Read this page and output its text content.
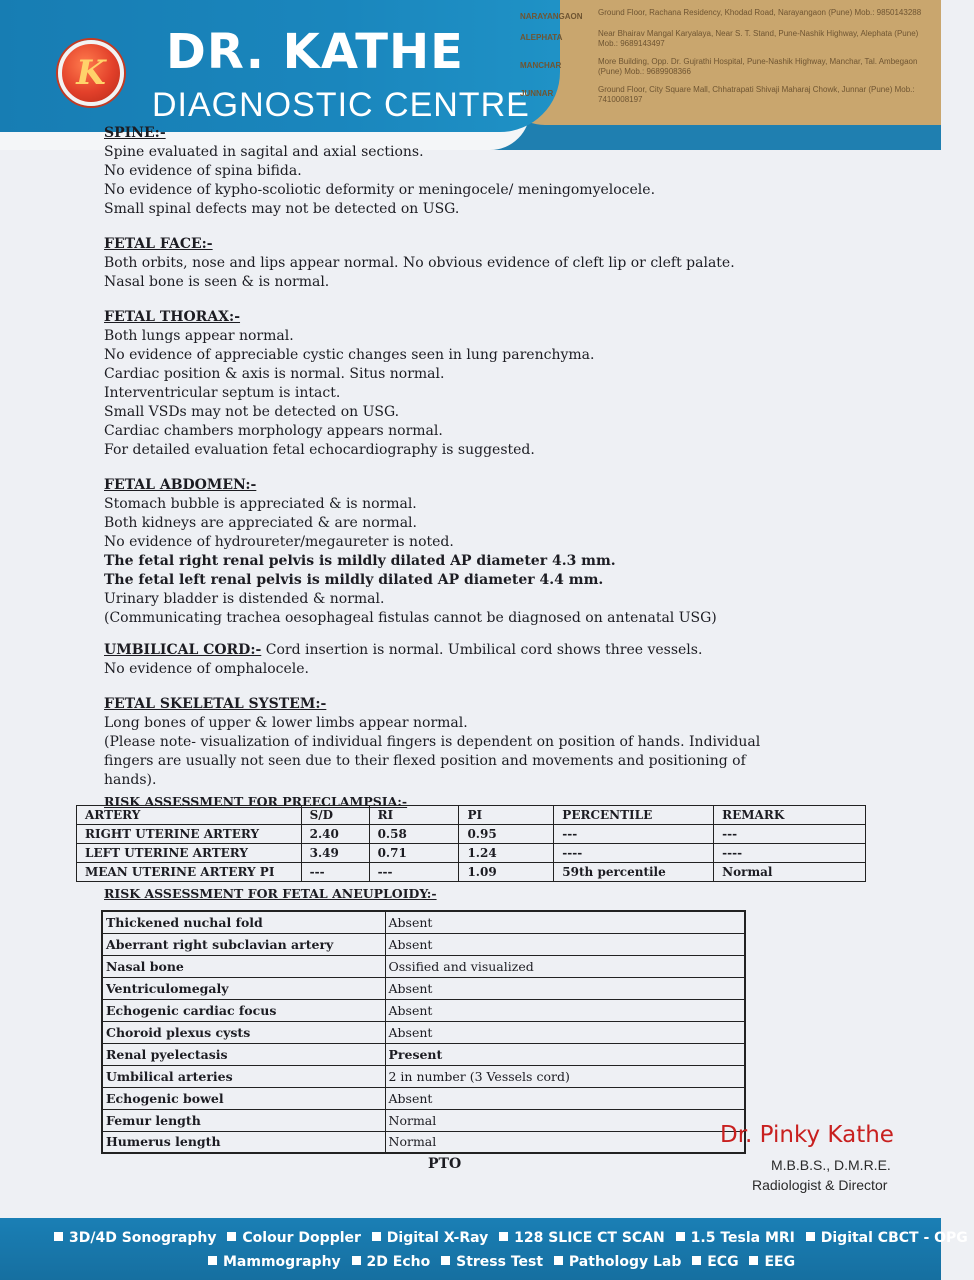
K DR. KATHE
DIAGNOSTIC CENTRE
NARAYANGAON	Ground Floor, Rachana Residency, Khodad Road, Narayangaon (Pune) Mob.: 9850143288
ALEPHATA	Near Bhairav Mangal Karyalaya, Near S. T. Stand, Pune-Nashik Highway, Alephata (Pune) Mob.: 9689143497
MANCHAR	More Building, Opp. Dr. Gujrathi Hospital, Pune-Nashik Highway, Manchar, Tal. Ambegaon (Pune) Mob.: 9689908366
JUNNAR	Ground Floor, City Square Mall, Chhatrapati Shivaji Maharaj Chowk, Junnar (Pune) Mob.: 7410008197
SPINE:-
Spine evaluated in sagital and axial sections.
No evidence of spina bifida.
No evidence of kypho-scoliotic deformity or meningocele/ meningomyelocele.
Small spinal defects may not be detected on USG.
FETAL FACE:-
Both orbits, nose and lips appear normal. No obvious evidence of cleft lip or cleft palate.
Nasal bone is seen & is normal.
FETAL THORAX:-
Both lungs appear normal.
No evidence of appreciable cystic changes seen in lung parenchyma.
Cardiac position & axis is normal. Situs normal.
Interventricular septum is intact.
Small VSDs may not be detected on USG.
Cardiac chambers morphology appears normal.
For detailed evaluation fetal echocardiography is suggested.
FETAL ABDOMEN:-
Stomach bubble is appreciated & is normal.
Both kidneys are appreciated & are normal.
No evidence of hydroureter/megaureter is noted.
The fetal right renal pelvis is mildly dilated AP diameter 4.3 mm.
The fetal left renal pelvis is mildly dilated AP diameter 4.4 mm.
Urinary bladder is distended & normal.
(Communicating trachea oesophageal fistulas cannot be diagnosed on antenatal USG)
UMBILICAL CORD:- Cord insertion is normal. Umbilical cord shows three vessels.
No evidence of omphalocele.
FETAL SKELETAL SYSTEM:-
Long bones of upper & lower limbs appear normal.
(Please note- visualization of individual fingers is dependent on position of hands. Individual fingers are usually not seen due to their flexed position and movements and positioning of hands).
RISK ASSESSMENT FOR PREECLAMPSIA:-
ARTERY	S/D	RI	PI	PERCENTILE	REMARK
RIGHT UTERINE ARTERY	2.40	0.58	0.95	---	---
LEFT UTERINE ARTERY	3.49	0.71	1.24	----	----
MEAN UTERINE ARTERY PI	---	---	1.09	59th percentile	Normal
RISK ASSESSMENT FOR FETAL ANEUPLOIDY:-
Thickened nuchal fold	Absent
Aberrant right subclavian artery	Absent
Nasal bone	Ossified and visualized
Ventriculomegaly	Absent
Echogenic cardiac focus	Absent
Choroid plexus cysts	Absent
Renal pyelectasis	Present
Umbilical arteries	2 in number (3 Vessels cord)
Echogenic bowel	Absent
Femur length	Normal
Humerus length	Normal
PTO
Dr. Pinky Kathe
M.B.B.S., D.M.R.E.
Radiologist & Director
3D/4D Sonography Colour Doppler Digital X-Ray 128 SLICE CT SCAN 1.5 Tesla MRI Digital CBCT - OPG
Mammography 2D Echo Stress Test Pathology Lab ECG EEG
